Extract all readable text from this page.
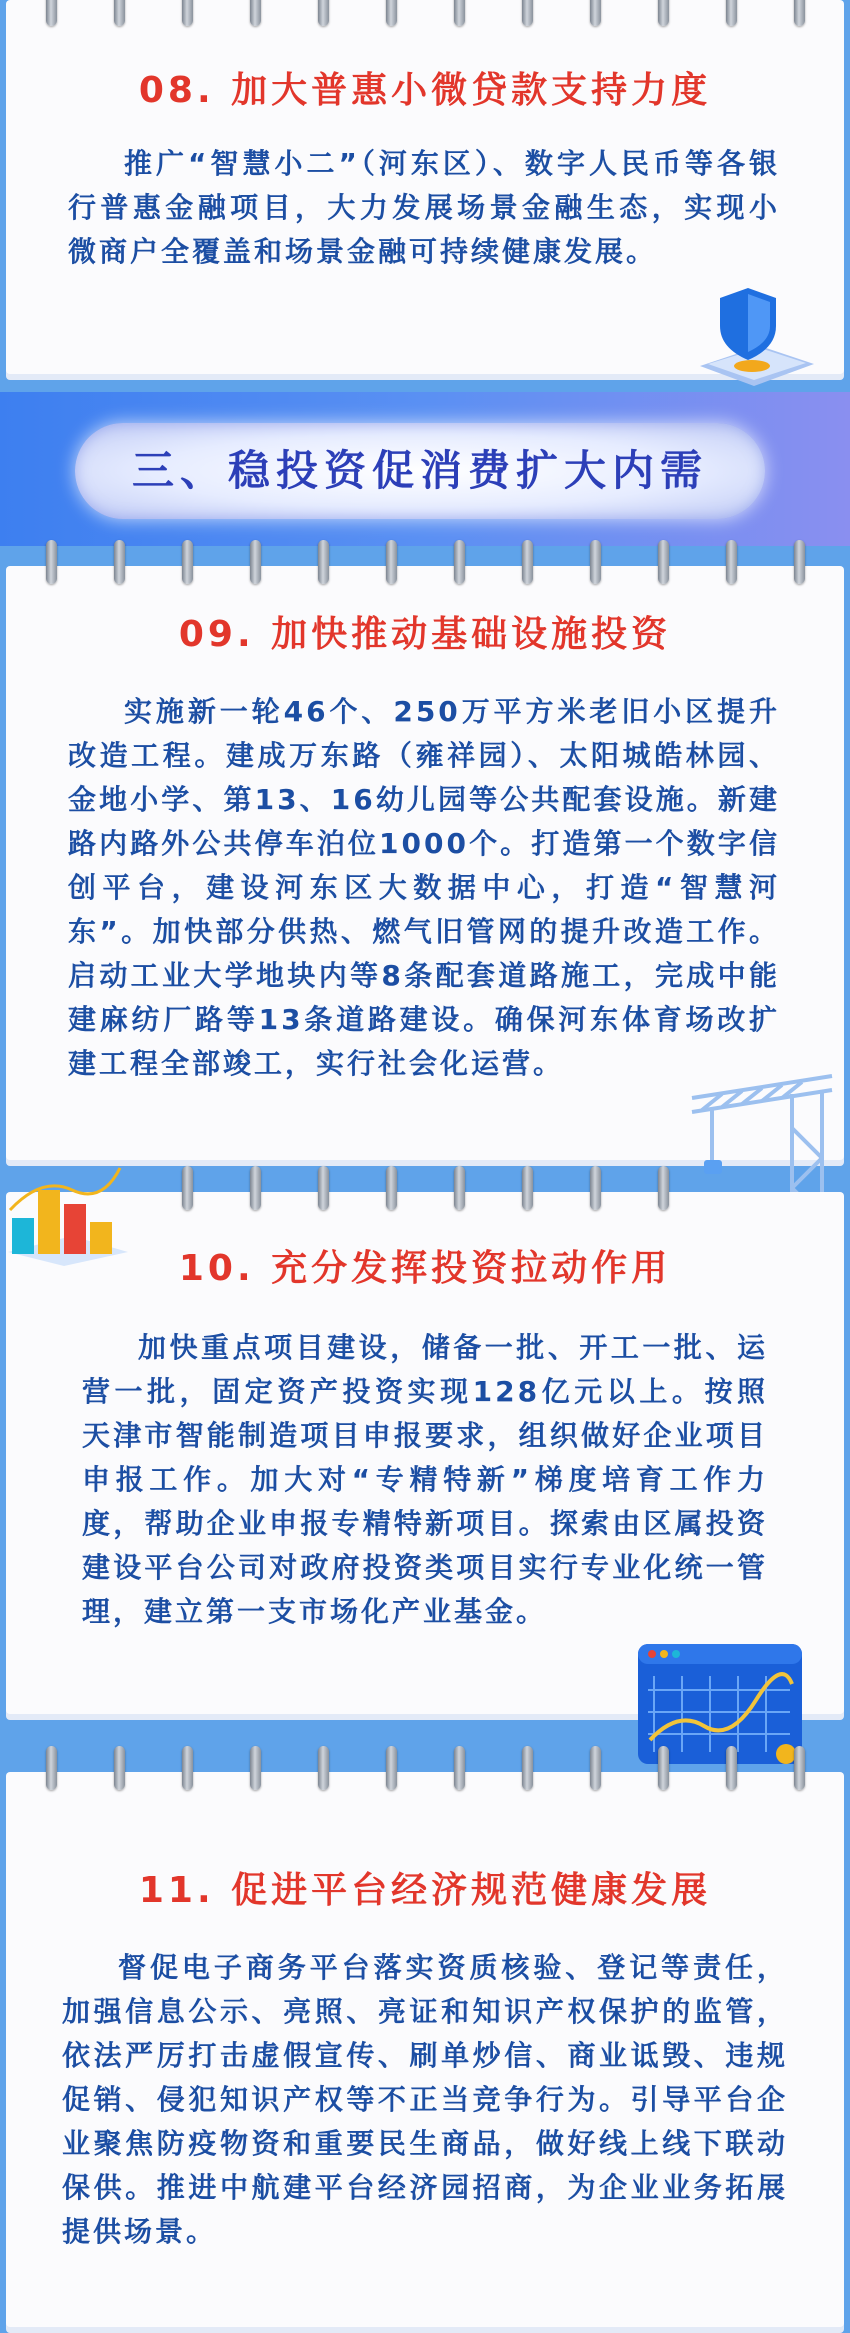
08. 加大普惠小微贷款支持力度
推广“智慧小二”（河东区）、数字人民币等各银行普惠金融项目，大力发展场景金融生态，实现小微商户全覆盖和场景金融可持续健康发展。
三、稳投资促消费扩大内需
09. 加快推动基础设施投资
实施新一轮46个、250万平方米老旧小区提升改造工程。建成万东路（雍祥园）、太阳城皓林园、金地小学、第13、16幼儿园等公共配套设施。新建路内路外公共停车泊位1000个。打造第一个数字信创平台，建设河东区大数据中心，打造“智慧河东”。加快部分供热、燃气旧管网的提升改造工作。启动工业大学地块内等8条配套道路施工，完成中能建麻纺厂路等13条道路建设。确保河东体育场改扩建工程全部竣工，实行社会化运营。
10. 充分发挥投资拉动作用
加快重点项目建设，储备一批、开工一批、运营一批，固定资产投资实现128亿元以上。按照天津市智能制造项目申报要求，组织做好企业项目申报工作。加大对“专精特新”梯度培育工作力度，帮助企业申报专精特新项目。探索由区属投资建设平台公司对政府投资类项目实行专业化统一管理，建立第一支市场化产业基金。
11. 促进平台经济规范健康发展
督促电子商务平台落实资质核验、登记等责任，加强信息公示、亮照、亮证和知识产权保护的监管，依法严厉打击虚假宣传、刷单炒信、商业诋毁、违规促销、侵犯知识产权等不正当竞争行为。引导平台企业聚焦防疫物资和重要民生商品，做好线上线下联动保供。推进中航建平台经济园招商，为企业业务拓展提供场景。
